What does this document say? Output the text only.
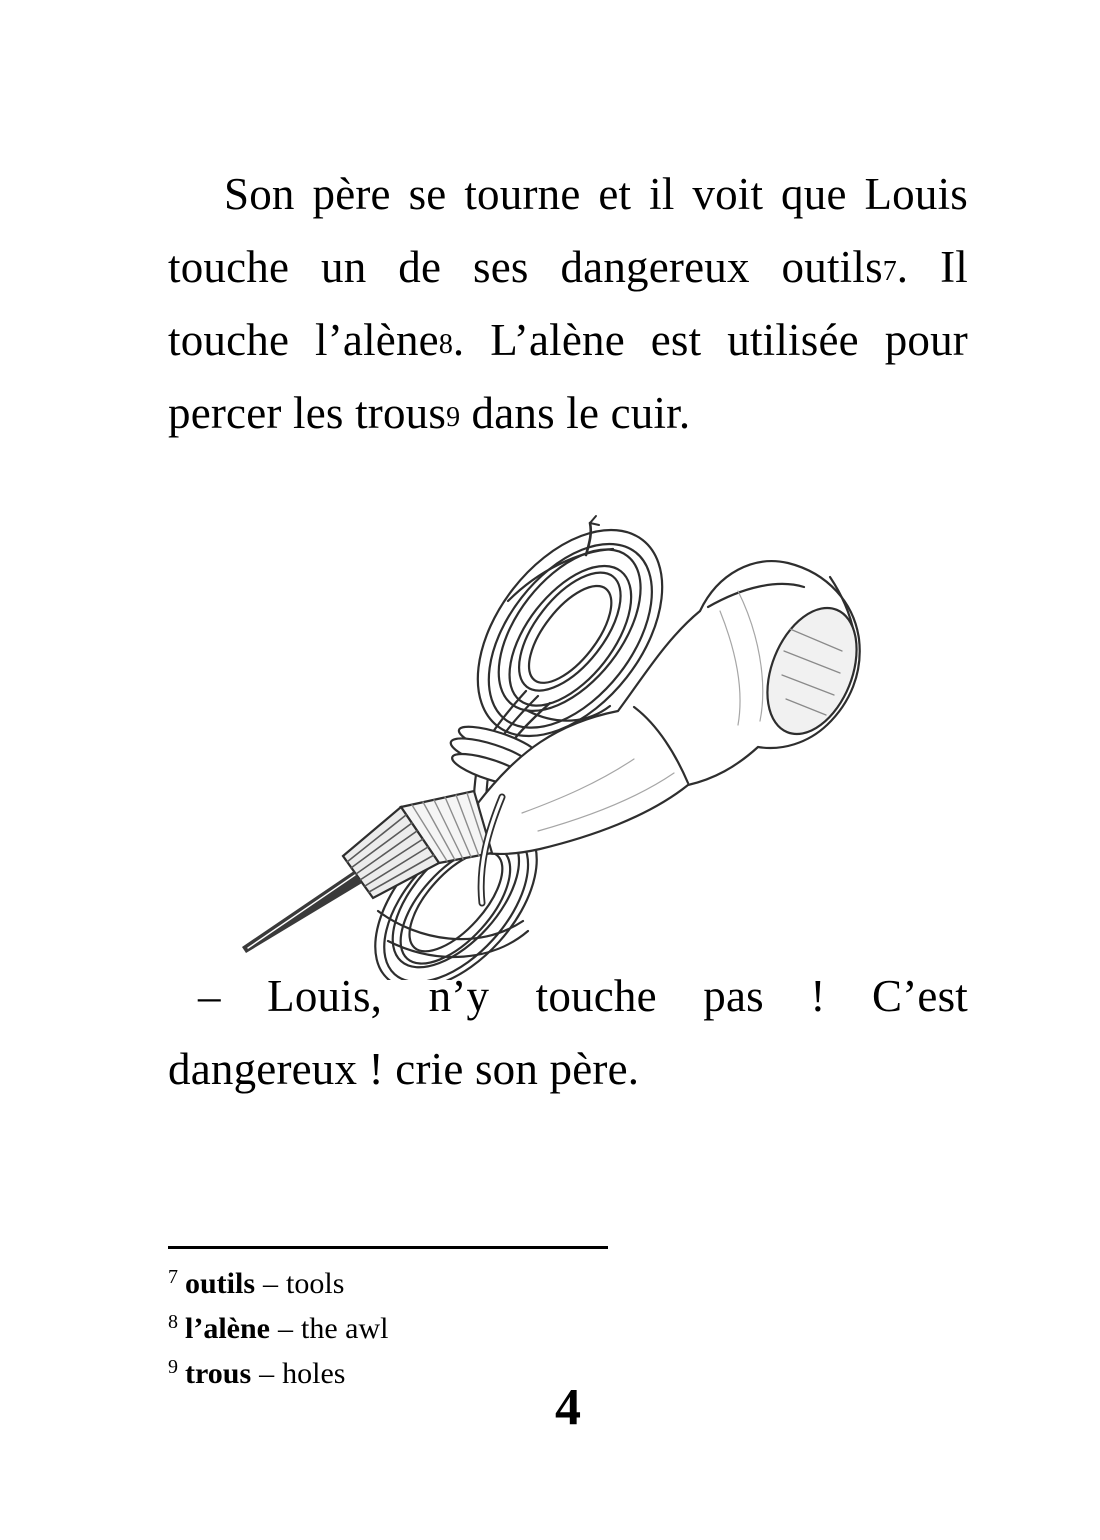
Son père se tourne et il voit que Louis
touche un de ses dangereux outils7. Il
touche l’alène8. L’alène est utilisée pour
percer les trous9 dans le cuir.
– Louis, n’y touche pas ! C’est
dangereux ! crie son père.
$^7$ outils – tools
$^8$ l’alène – the awl
$^9$ trous – holes
4
